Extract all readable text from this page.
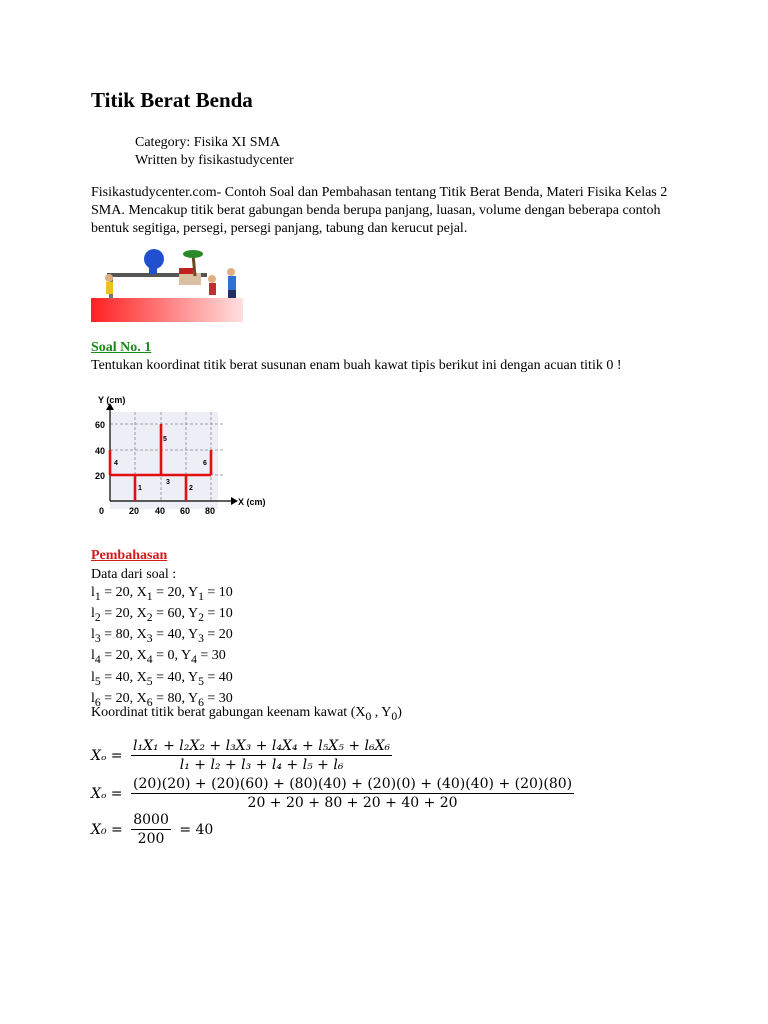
Titik Berat Benda
Category: Fisika XI SMA
Written by fisikastudycenter
Fisikastudycenter.com- Contoh Soal dan Pembahasan tentang Titik Berat Benda, Materi Fisika Kelas 2 SMA. Mencakup titik berat gabungan benda berupa panjang, luasan, volume dengan beberapa contoh bentuk segitiga, persegi, persegi panjang, tabung dan kerucut pejal.
Soal No. 1
Tentukan koordinat titik berat susunan enam buah kawat tipis berikut ini dengan acuan titik 0 !
Y (cm)
X (cm)
60
40
20
0	20 40 60 80
1	2
3
4
5
6
Pembahasan
Data dari soal :
$l_1 = 20$, $X_1 = 20$, $Y_1 = 10$
$l_2 = 20$, $X_2 = 60$, $Y_2 = 10$
$l_3 = 80$, $X_3 = 40$, $Y_3 = 20$
$l_4 = 20$, $X_4 = 0$, $Y_4 = 30$
$l_5 = 40$, $X_5 = 40$, $Y_5 = 40$
$l_6 = 20$, $X_6 = 80$, $Y_6 = 30$
Koordinat titik berat gabungan keenam kawat ($X_0$ , $Y_0$)
$X_o = \frac{\text{l₁X₁ + l₂X₂ + l₃X₃ + l₄X₄ + l₅X₅ + l₆X₆}}{\text{l₁ + l₂ + l₃ + l₄ + l₅ + l₆}}$
Xₒ =
(20)(20) + (20)(60) + (80)(40) + (20)(0) + (40)(40) + (20)(80)
20 + 20 + 80 + 20 + 40 + 20
$X_0 = \frac{8000}{200} = 40$
